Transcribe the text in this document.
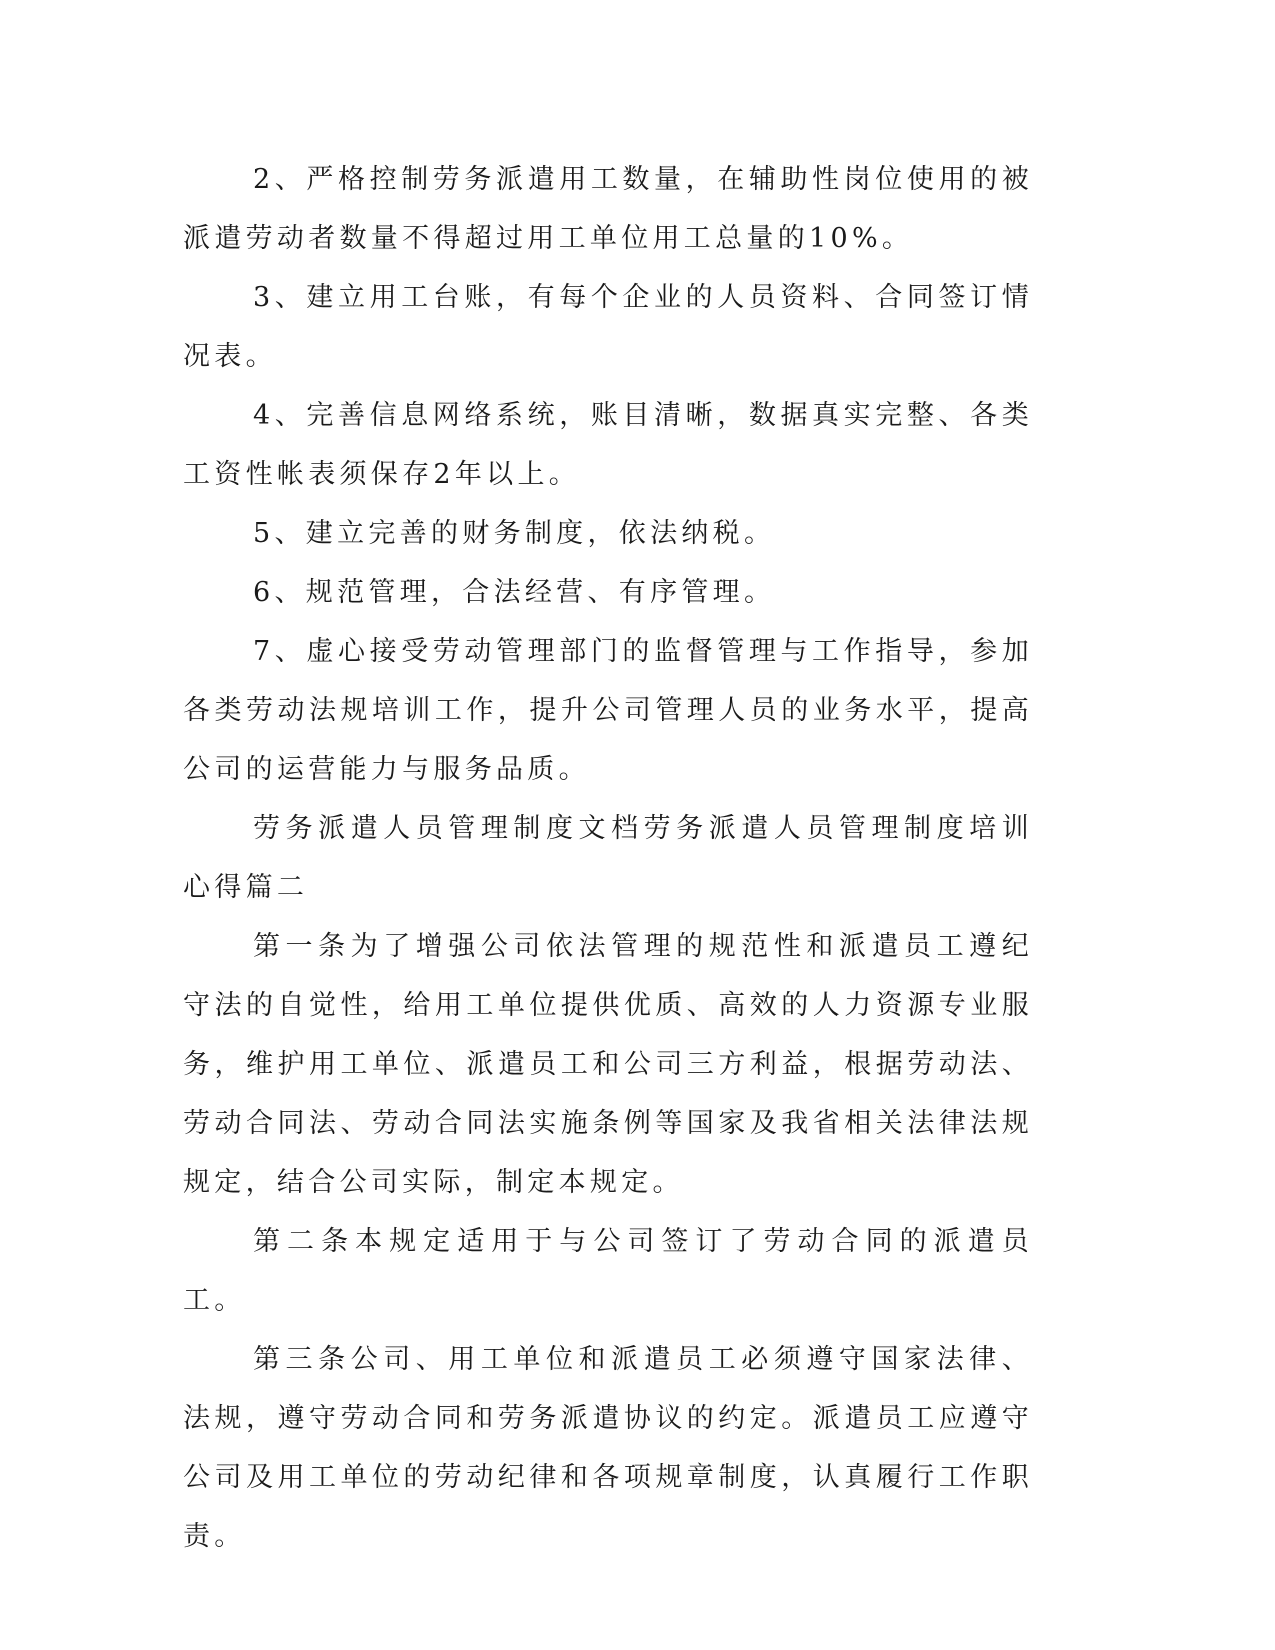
2、严格控制劳务派遣用工数量，在辅助性岗位使用的被派遣劳动者数量不得超过用工单位用工总量的10%。

3、建立用工台账，有每个企业的人员资料、合同签订情况表。

4、完善信息网络系统，账目清晰，数据真实完整、各类工资性帐表须保存2年以上。

5、建立完善的财务制度，依法纳税。

6、规范管理，合法经营、有序管理。

7、虚心接受劳动管理部门的监督管理与工作指导，参加各类劳动法规培训工作，提升公司管理人员的业务水平，提高公司的运营能力与服务品质。

劳务派遣人员管理制度文档劳务派遣人员管理制度培训心得篇二

第一条为了增强公司依法管理的规范性和派遣员工遵纪守法的自觉性，给用工单位提供优质、高效的人力资源专业服务，维护用工单位、派遣员工和公司三方利益，根据劳动法、劳动合同法、劳动合同法实施条例等国家及我省相关法律法规规定，结合公司实际，制定本规定。

第二条本规定适用于与公司签订了劳动合同的派遣员工。

第三条公司、用工单位和派遣员工必须遵守国家法律、法规，遵守劳动合同和劳务派遣协议的约定。派遣员工应遵守公司及用工单位的劳动纪律和各项规章制度，认真履行工作职责。
